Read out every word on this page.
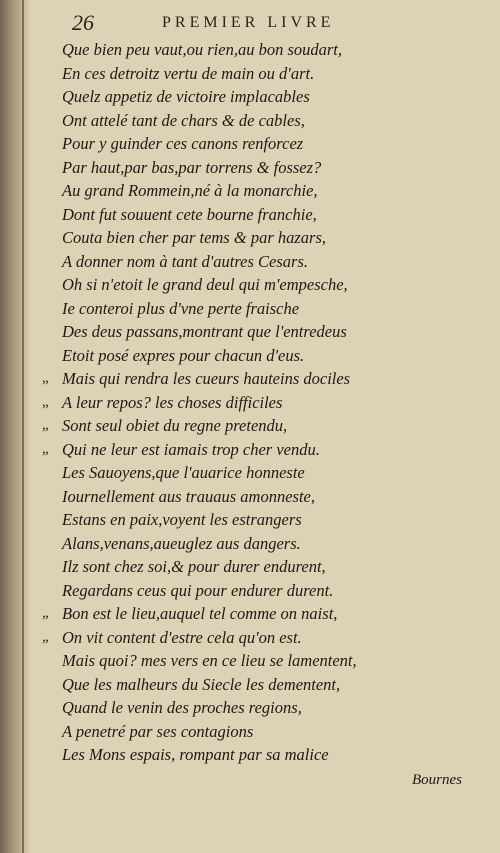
26	PREMIER LIVRE
Que bien peu vaut,ou rien,au bon soudart,
En ces detroitz vertu de main ou d'art.
Quelz appetiz de victoire implacables
Ont attelé tant de chars & de cables,
Pour y guinder ces canons renforcez
Par haut,par bas,par torrens & fossez?
Au grand Rommein,né à la monarchie,
Dont fut souuent cete bourne franchie,
Couta bien cher par tems & par hazars,
A donner nom à tant d'autres Cesars.
Oh si n'etoit le grand deul qui m'empesche,
Ie conteroi plus d'vne perte fraische
Des deus passans,montrant que l'entredeus
Etoit posé expres pour chacun d'eus.
„ Mais qui rendra les cueurs hauteins dociles
„ A leur repos? les choses difficiles
„ Sont seul obiet du regne pretendu,
„ Qui ne leur est iamais trop cher vendu.
Les Sauoyens,que l'auarice honneste
Iournellement aus trauaus amonneste,
Estans en paix,voyent les estrangers
Alans,venans,aueuglez aus dangers.
Ilz sont chez soi,& pour durer endurent,
Regardans ceus qui pour endurer durent.
„ Bon est le lieu,auquel tel comme on naist,
„ On vit content d'estre cela qu'on est.
Mais quoi? mes vers en ce lieu se lamentent,
Que les malheurs du Siecle les dementent,
Quand le venin des proches regions,
A penetré par ses contagions
Les Mons espais, rompant par sa malice
Bournes
